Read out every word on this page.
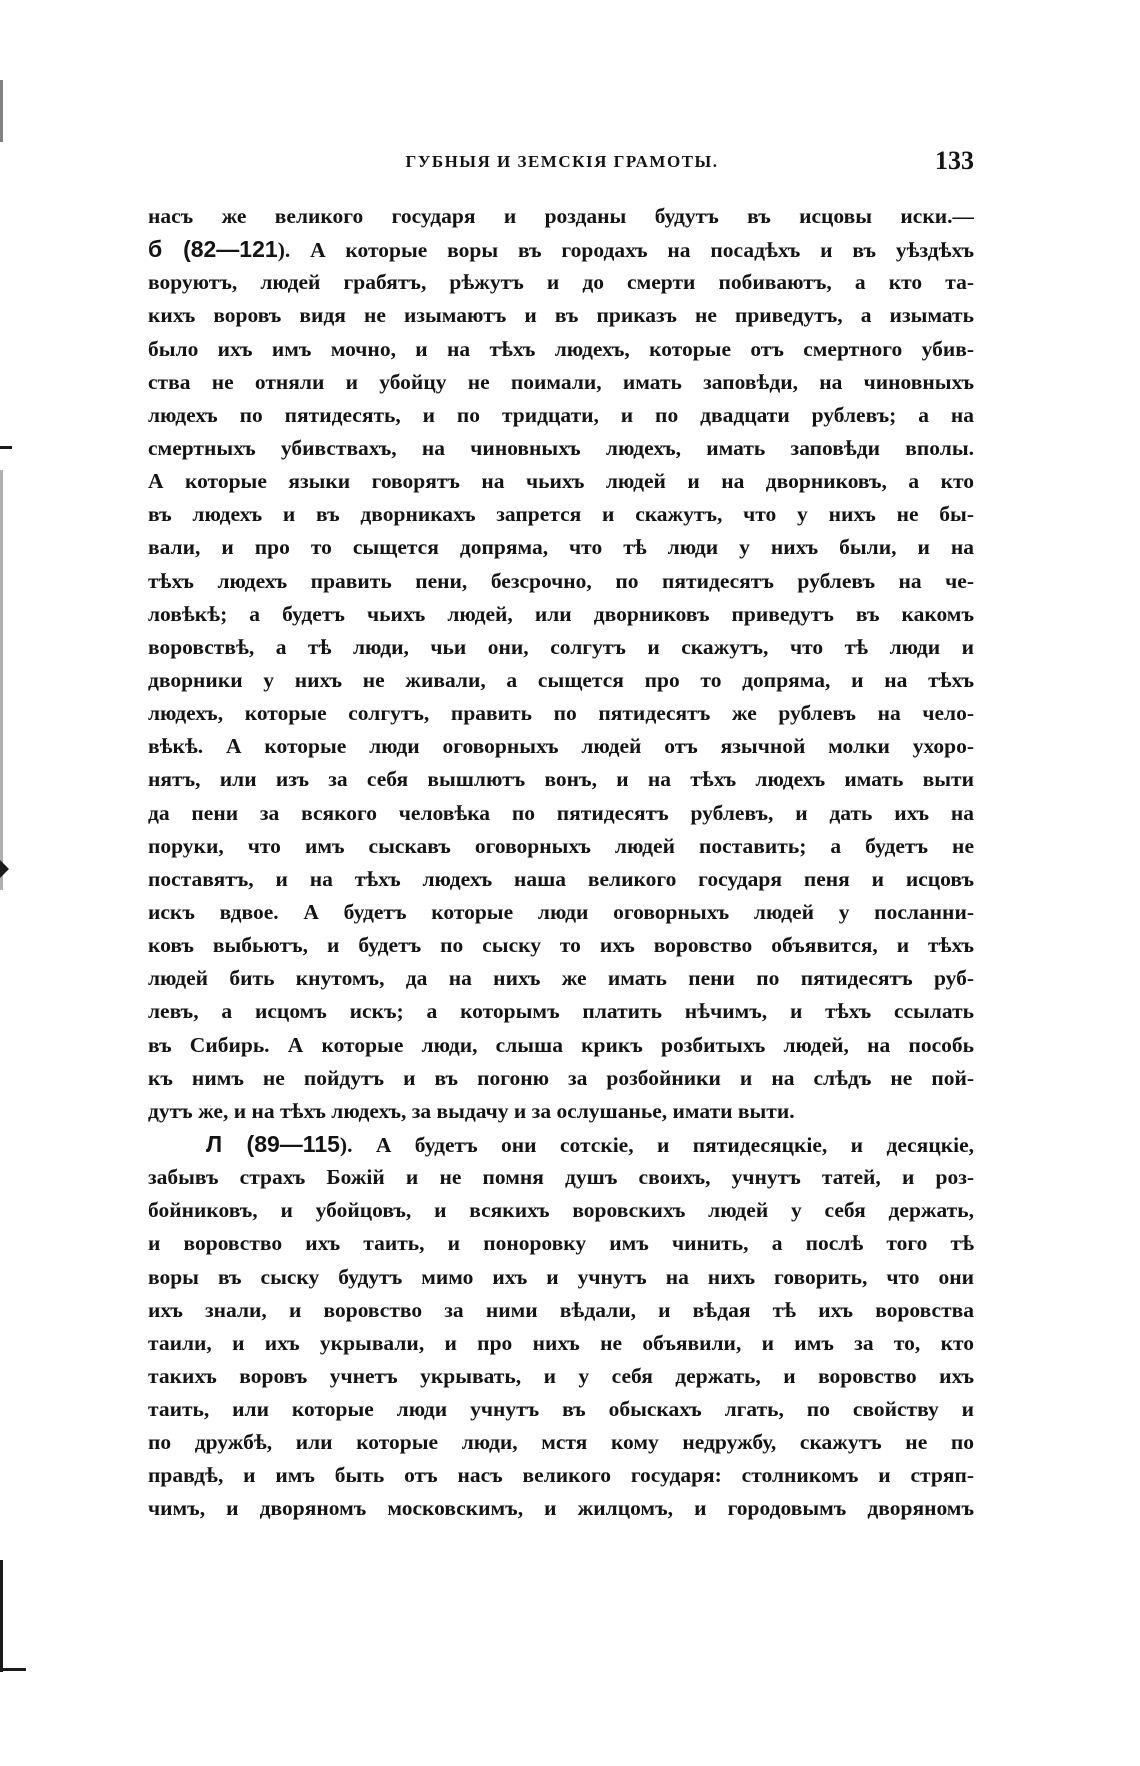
ГУБНЫЯ И ЗЕМСКІЯ ГРАМОТЫ.	133
насъ же великого государя и розданы будутъ въ исцовы иски.—
б (82—121). А которые воры въ городахъ на посадѣхъ и въ уѣздѣхъ
воруютъ, людей грабятъ, рѣжутъ и до смерти побиваютъ, а кто та-
кихъ воровъ видя не изымаютъ и въ приказъ не приведутъ, а изымать
было ихъ имъ мочно, и на тѣхъ людехъ, которые отъ смертного убив-
ства не отняли и убойцу не поимали, имать заповѣди, на чиновныхъ
людехъ по пятидесять, и по тридцати, и по двадцати рублевъ; а на
смертныхъ убивствахъ, на чиновныхъ людехъ, имать заповѣди вполы.
А которые языки говорятъ на чьихъ людей и на дворниковъ, а кто
въ людехъ и въ дворникахъ запрется и скажутъ, что у нихъ не бы-
вали, и про то сыщется допряма, что тѣ люди у нихъ были, и на
тѣхъ людехъ править пени, безсрочно, по пятидесятъ рублевъ на че-
ловѣкѣ; а будетъ чьихъ людей, или дворниковъ приведутъ въ какомъ
воровствѣ, а тѣ люди, чьи они, солгутъ и скажутъ, что тѣ люди и
дворники у нихъ не живали, а сыщется про то допряма, и на тѣхъ
людехъ, которые солгутъ, править по пятидесятъ же рублевъ на чело-
вѣкѣ. А которые люди оговорныхъ людей отъ язычной молки ухоро-
нятъ, или изъ за себя вышлютъ вонъ, и на тѣхъ людехъ имать выти
да пени за всякого человѣка по пятидесятъ рублевъ, и дать ихъ на
поруки, что имъ сыскавъ оговорныхъ людей поставить; а будетъ не
поставятъ, и на тѣхъ людехъ наша великого государя пеня и исцовъ
искъ вдвое. А будетъ которые люди оговорныхъ людей у посланни-
ковъ выбьютъ, и будетъ по сыску то ихъ воровство объявится, и тѣхъ
людей бить кнутомъ, да на нихъ же имать пени по пятидесятъ руб-
левъ, а исцомъ искъ; а которымъ платить нѣчимъ, и тѣхъ ссылать
въ Сибирь. А которые люди, слыша крикъ розбитыхъ людей, на пособь
къ нимъ не пойдутъ и въ погоню за розбойники и на слѣдъ не пой-
дутъ же, и на тѣхъ людехъ, за выдачу и за ослушанье, имати выти.
Л (89—115). А будетъ они сотскіе, и пятидесяцкіе, и десяцкіе,
забывъ страхъ Божій и не помня душъ своихъ, учнутъ татей, и роз-
бойниковъ, и убойцовъ, и всякихъ воровскихъ людей у себя держать,
и воровство ихъ таить, и поноровку имъ чинить, а послѣ того тѣ
воры въ сыску будутъ мимо ихъ и учнутъ на нихъ говорить, что они
ихъ знали, и воровство за ними вѣдали, и вѣдая тѣ ихъ воровства
таили, и ихъ укрывали, и про нихъ не объявили, и имъ за то, кто
такихъ воровъ учнетъ укрывать, и у себя держать, и воровство ихъ
таить, или которые люди учнутъ въ обыскахъ лгать, по свойству и
по дружбѣ, или которые люди, мстя кому недружбу, скажутъ не по
правдѣ, и имъ быть отъ насъ великого государя: столникомъ и стряп-
чимъ, и дворяномъ московскимъ, и жилцомъ, и городовымъ дворяномъ
